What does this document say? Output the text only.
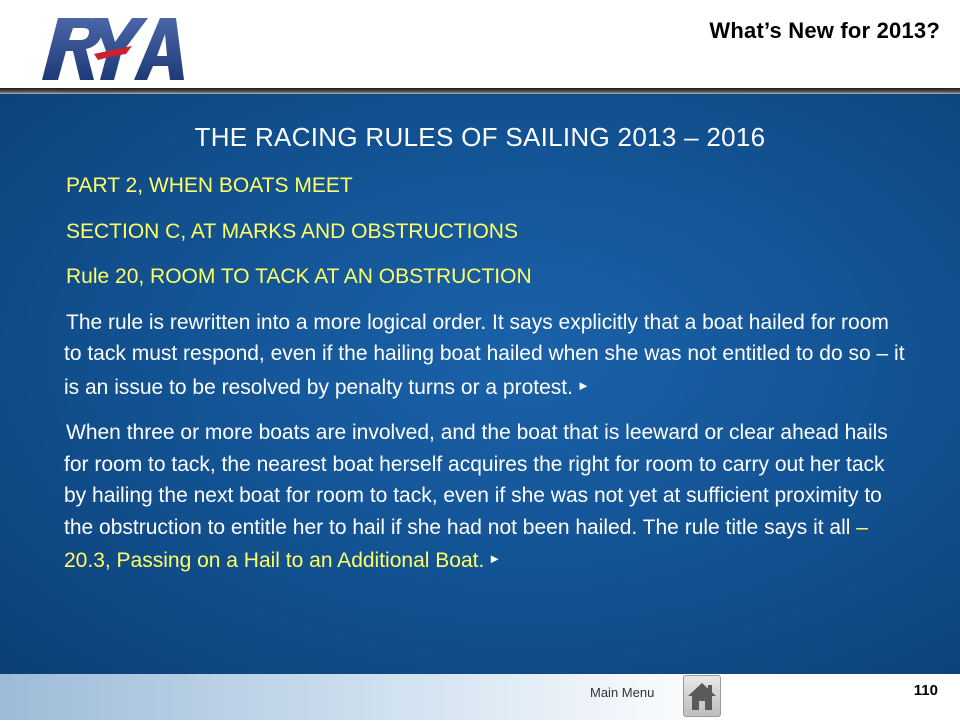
What’s New for 2013?
THE RACING RULES OF SAILING 2013 – 2016
PART 2, WHEN BOATS MEET
SECTION C, AT MARKS AND OBSTRUCTIONS
Rule 20, ROOM TO TACK AT AN OBSTRUCTION
The rule is rewritten into a more logical order. It says explicitly that a boat hailed for room to tack must respond, even if the hailing boat hailed when she was not entitled to do so – it is an issue to be resolved by penalty turns or a protest. ►
When three or more boats are involved, and the boat that is leeward or clear ahead hails for room to tack, the nearest boat herself acquires the right for room to carry out her tack by hailing the next boat for room to tack, even if she was not yet at sufficient proximity to the obstruction to entitle her to hail if she had not been hailed. The rule title says it all – 20.3, Passing on a Hail to an Additional Boat. ►
Main Menu	110
